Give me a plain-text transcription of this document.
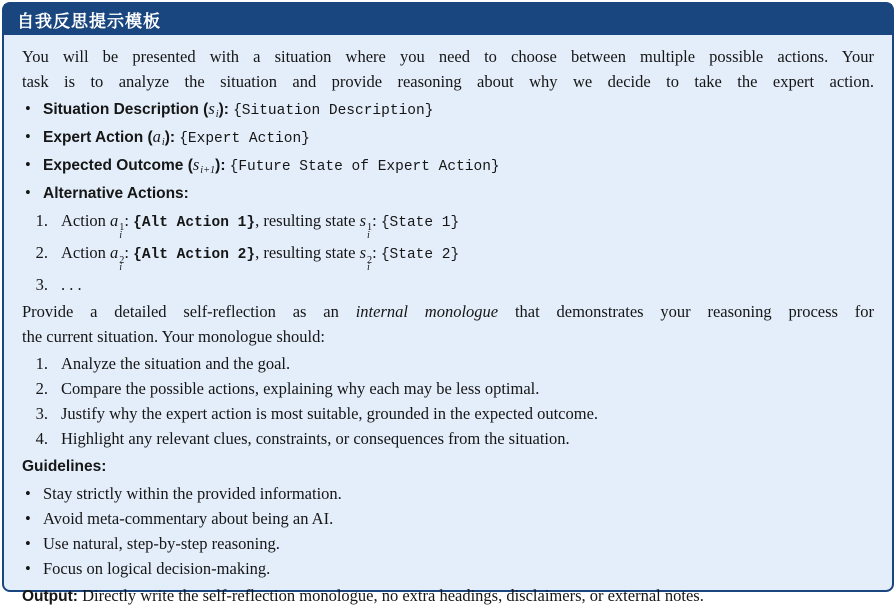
自我反思提示模板
You will be presented with a situation where you need to choose between multiple possible actions. Your
task is to analyze the situation and provide reasoning about why we decide to take the expert action.
• Situation Description (si): {Situation Description}
• Expert Action (ai): {Expert Action}
• Expected Outcome (si+1): {Future State of Expert Action}
• Alternative Actions:
1. Action a 1
i
: {Alt Action 1}, resulting state s 1
i
: {State 1}
2. Action a 2
i
: {Alt Action 2}, resulting state s 2
i
: {State 2}
3. . . .
Provide a detailed self-reflection as an internal monologue that demonstrates your reasoning process for
the current situation. Your monologue should:
1. Analyze the situation and the goal.
2. Compare the possible actions, explaining why each may be less optimal.
3. Justify why the expert action is most suitable, grounded in the expected outcome.
4. Highlight any relevant clues, constraints, or consequences from the situation.
Guidelines:
• Stay strictly within the provided information.
• Avoid meta-commentary about being an AI.
• Use natural, step-by-step reasoning.
• Focus on logical decision-making.
Output: Directly write the self-reflection monologue, no extra headings, disclaimers, or external notes.
